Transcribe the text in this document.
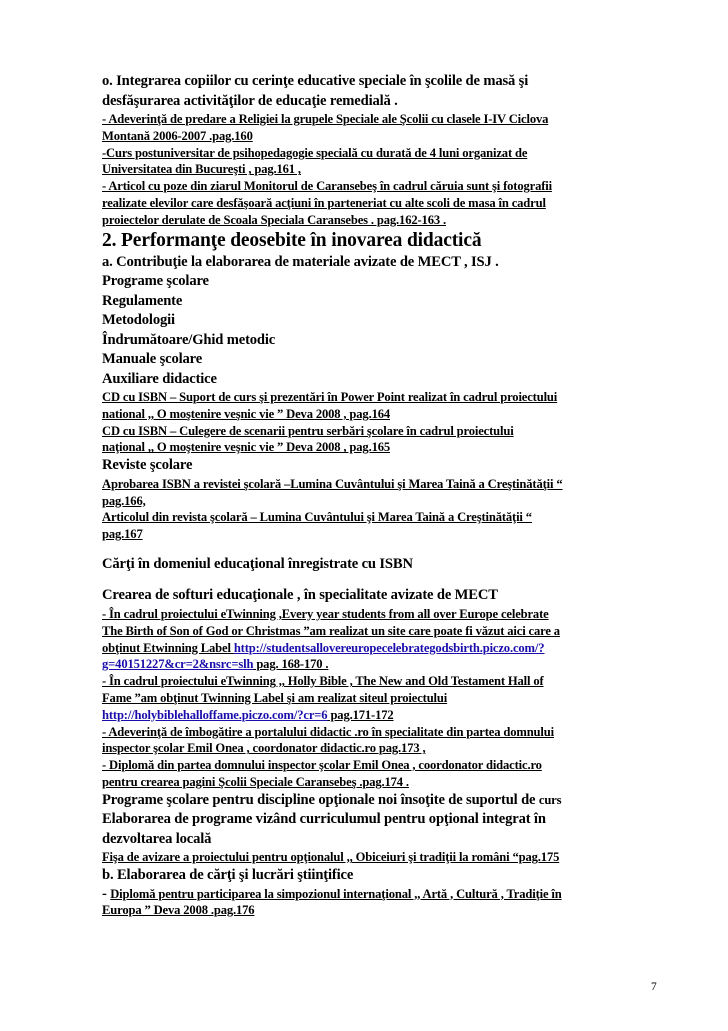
o. Integrarea copiilor cu cerinţe educative speciale în şcolile de masă şi
desfăşurarea activităţilor de educaţie remedială .
- Adeverinţă de predare a Religiei la grupele Speciale ale Şcolii cu clasele I-IV Ciclova
Montană 2006-2007 .pag.160
-Curs postuniversitar de psihopedagogie specială cu durată de 4 luni organizat de
Universitatea din Bucureşti , pag.161 ,
- Articol cu poze din ziarul Monitorul de Caransebeş în cadrul căruia sunt şi fotografii
realizate elevilor care desfăşoară acţiuni în parteneriat cu alte scoli de masa în cadrul
proiectelor derulate de Scoala Speciala Caransebes . pag.162-163 .
2. Performanţe deosebite în inovarea didactică
a. Contribuţie la elaborarea de materiale avizate de MECT , ISJ .
Programe şcolare
Regulamente
Metodologii
Îndrumătoare/Ghid metodic
Manuale şcolare
Auxiliare didactice
CD cu ISBN – Suport de curs şi prezentări în Power Point realizat în cadrul proiectului
national ,, O moştenire veşnic vie ” Deva 2008 , pag.164
CD cu ISBN – Culegere de scenarii pentru serbări şcolare în cadrul proiectului
naţional ,, O moştenire veşnic vie ” Deva 2008 , pag.165
Reviste şcolare
Aprobarea ISBN a revistei şcolară –Lumina Cuvântului şi Marea Taină a Creştinătăţii “
pag.166,
Articolul din revista şcolară – Lumina Cuvântului şi Marea Taină a Creştinătăţii “
pag.167
Cărţi în domeniul educaţional înregistrate cu ISBN
Crearea de softuri educaţionale , în specialitate avizate de MECT
- În cadrul proiectului eTwinning ,Every year students from all over Europe celebrate
The Birth of Son of God or Christmas ”am realizat un site care poate fi văzut aici care a
obţinut Etwinning Label http://studentsallovereuropecelebrategodsbirth.piczo.com/?
g=40151227&cr=2&nsrc=slh pag. 168-170 .
- În cadrul proiectului eTwinning ,, Holly Bible , The New and Old Testament Hall of
Fame ”am obţinut Twinning Label şi am realizat siteul proiectului
http://holybiblehalloffame.piczo.com/?cr=6 pag.171-172
- Adeverinţă de îmbogătire a portalului didactic .ro în specialitate din partea domnului
inspector şcolar Emil Onea , coordonator didactic.ro pag.173 ,
- Diplomă din partea domnului inspector şcolar Emil Onea , coordonator didactic.ro
pentru crearea pagini Şcolii Speciale Caransebeş .pag.174 .
Programe şcolare pentru discipline opţionale noi însoţite de suportul de curs
Elaborarea de programe vizând curriculumul pentru opţional integrat în
dezvoltarea locală
Fişa de avizare a proiectului pentru opţionalul ,, Obiceiuri şi tradiţii la români “pag.175
b. Elaborarea de cărţi şi lucrări ştiinţifice
- Diplomă pentru participarea la simpozionul internaţional ,, Artă , Cultură , Tradiţie în
Europa ” Deva 2008 .pag.176
7
